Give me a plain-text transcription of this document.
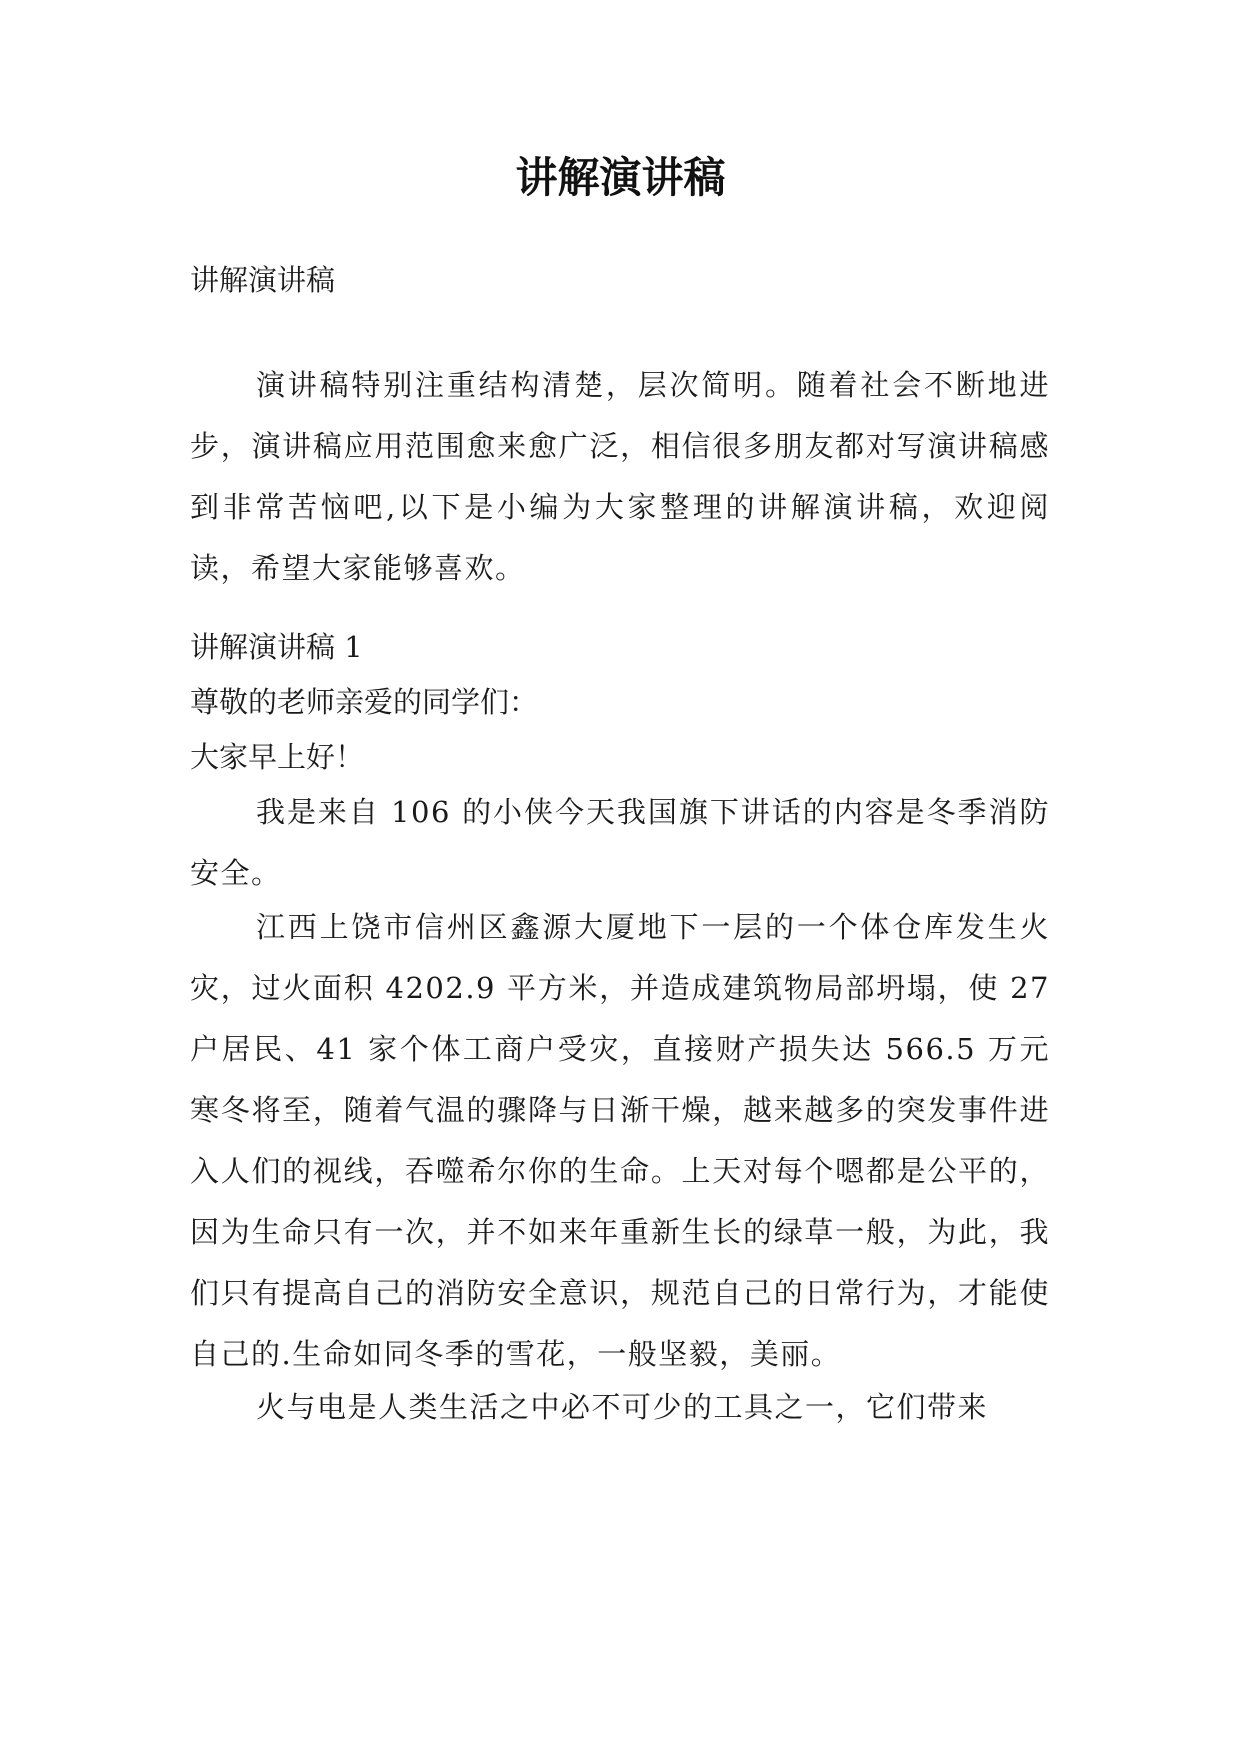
讲解演讲稿

讲解演讲稿

演讲稿特别注重结构清楚，层次简明。随着社会不断地进步，演讲稿应用范围愈来愈广泛，相信很多朋友都对写演讲稿感到非常苦恼吧,以下是小编为大家整理的讲解演讲稿，欢迎阅读，希望大家能够喜欢。

讲解演讲稿 1

尊敬的老师亲爱的同学们：

大家早上好！

我是来自 106 的小侠今天我国旗下讲话的内容是冬季消防安全。

江西上饶市信州区鑫源大厦地下一层的一个体仓库发生火灾，过火面积 4202.9 平方米，并造成建筑物局部坍塌，使 27 户居民、41 家个体工商户受灾，直接财产损失达 566.5 万元寒冬将至，随着气温的骤降与日渐干燥，越来越多的突发事件进入人们的视线，吞噬希尔你的生命。上天对每个嗯都是公平的，因为生命只有一次，并不如来年重新生长的绿草一般，为此，我们只有提高自己的消防安全意识，规范自己的日常行为，才能使自己的.生命如同冬季的雪花，一般坚毅，美丽。

火与电是人类生活之中必不可少的工具之一，它们带来
